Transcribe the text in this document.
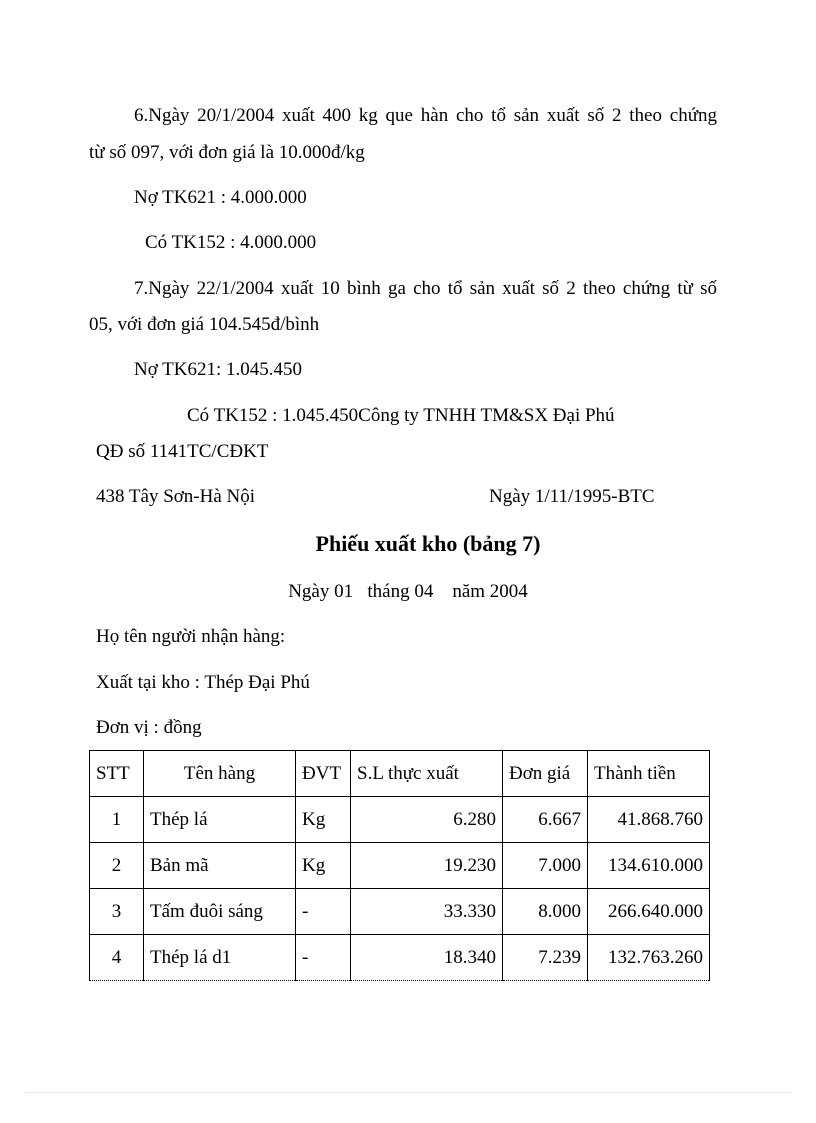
6.Ngày 20/1/2004 xuất 400 kg que hàn cho tổ sản xuất số 2 theo chứng
từ số 097, với đơn giá là 10.000đ/kg
Nợ TK621 : 4.000.000
Có TK152 : 4.000.000
7.Ngày 22/1/2004 xuất 10 bình ga cho tổ sản xuất số 2 theo chứng từ số
05, với đơn giá 104.545đ/bình
Nợ TK621: 1.045.450
Có TK152 : 1.045.450Công ty TNHH TM&SX Đại Phú
QĐ số 1141TC/CĐKT
438 Tây Sơn-Hà Nội	Ngày 1/11/1995-BTC
Phiếu xuất kho (bảng 7)
Ngày 01   tháng 04    năm 2004
Họ tên người nhận hàng:
Xuất tại kho : Thép Đại Phú
Đơn vị : đồng
STT	Tên hàng	ĐVT	S.L thực xuất	Đơn giá	Thành tiền
1	Thép lá	Kg	6.280	6.667	41.868.760
2	Bản mã	Kg	19.230	7.000	134.610.000
3	Tấm đuôi sáng	-	33.330	8.000	266.640.000
4	Thép lá d1	-	18.340	7.239	132.763.260
